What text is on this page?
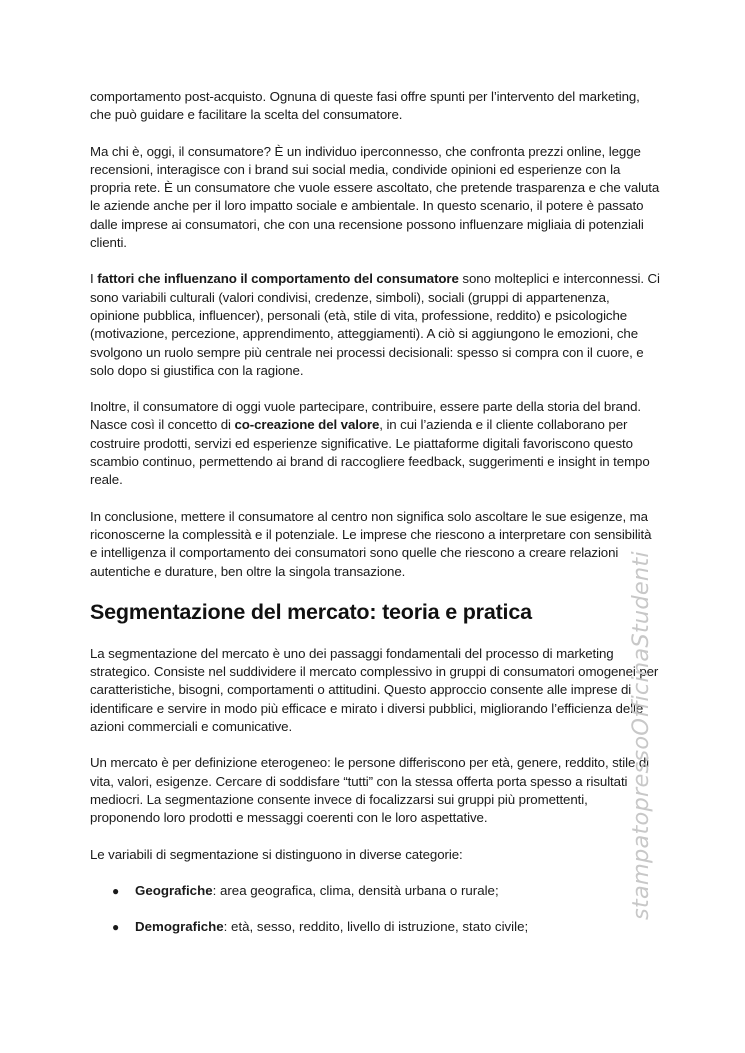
comportamento post-acquisto. Ognuna di queste fasi offre spunti per l’intervento del marketing, che può guidare e facilitare la scelta del consumatore.

Ma chi è, oggi, il consumatore? È un individuo iperconnesso, che confronta prezzi online, legge recensioni, interagisce con i brand sui social media, condivide opinioni ed esperienze con la propria rete. È un consumatore che vuole essere ascoltato, che pretende trasparenza e che valuta le aziende anche per il loro impatto sociale e ambientale. In questo scenario, il potere è passato dalle imprese ai consumatori, che con una recensione possono influenzare migliaia di potenziali clienti.

I fattori che influenzano il comportamento del consumatore sono molteplici e interconnessi. Ci sono variabili culturali (valori condivisi, credenze, simboli), sociali (gruppi di appartenenza, opinione pubblica, influencer), personali (età, stile di vita, professione, reddito) e psicologiche (motivazione, percezione, apprendimento, atteggiamenti). A ciò si aggiungono le emozioni, che svolgono un ruolo sempre più centrale nei processi decisionali: spesso si compra con il cuore, e solo dopo si giustifica con la ragione.

Inoltre, il consumatore di oggi vuole partecipare, contribuire, essere parte della storia del brand. Nasce così il concetto di co-creazione del valore, in cui l’azienda e il cliente collaborano per costruire prodotti, servizi ed esperienze significative. Le piattaforme digitali favoriscono questo scambio continuo, permettendo ai brand di raccogliere feedback, suggerimenti e insight in tempo reale.

In conclusione, mettere il consumatore al centro non significa solo ascoltare le sue esigenze, ma riconoscerne la complessità e il potenziale. Le imprese che riescono a interpretare con sensibilità e intelligenza il comportamento dei consumatori sono quelle che riescono a creare relazioni autentiche e durature, ben oltre la singola transazione.

Segmentazione del mercato: teoria e pratica

La segmentazione del mercato è uno dei passaggi fondamentali del processo di marketing strategico. Consiste nel suddividere il mercato complessivo in gruppi di consumatori omogenei per caratteristiche, bisogni, comportamenti o attitudini. Questo approccio consente alle imprese di identificare e servire in modo più efficace e mirato i diversi pubblici, migliorando l’efficienza delle azioni commerciali e comunicative.

Un mercato è per definizione eterogeneo: le persone differiscono per età, genere, reddito, stile di vita, valori, esigenze. Cercare di soddisfare “tutti” con la stessa offerta porta spesso a risultati mediocri. La segmentazione consente invece di focalizzarsi sui gruppi più promettenti, proponendo loro prodotti e messaggi coerenti con le loro aspettative.

Le variabili di segmentazione si distinguono in diverse categorie:

● Geografiche: area geografica, clima, densità urbana o rurale;
● Demografiche: età, sesso, reddito, livello di istruzione, stato civile;
stampatopressoOfficinaStudenti
